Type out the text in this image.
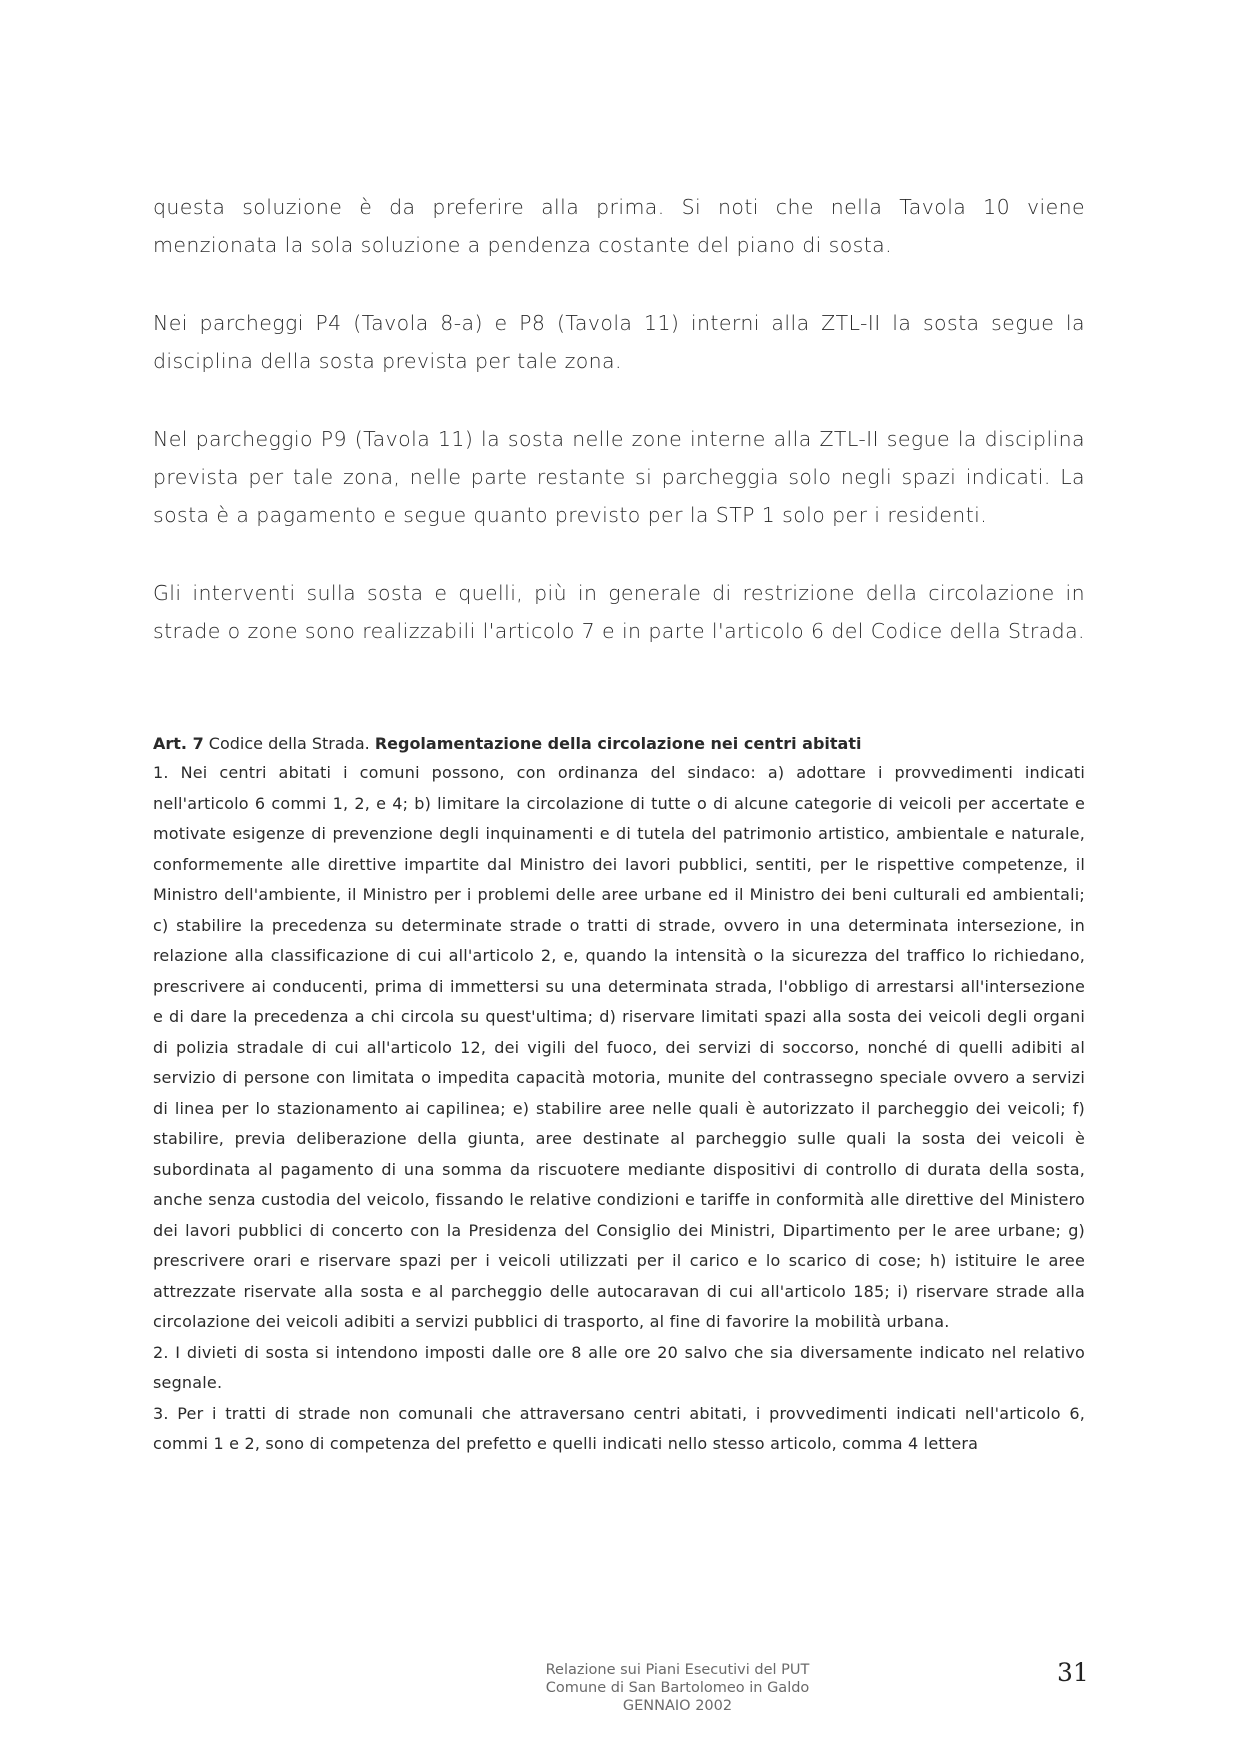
questa soluzione è da preferire alla prima. Si noti che nella Tavola 10 viene menzionata la sola soluzione a pendenza costante del piano di sosta.

Nei parcheggi P4 (Tavola 8-a) e P8 (Tavola 11) interni alla ZTL-II la sosta segue la disciplina della sosta prevista per tale zona.

Nel parcheggio P9 (Tavola 11) la sosta nelle zone interne alla ZTL-II segue la disciplina prevista per tale zona, nelle parte restante si parcheggia solo negli spazi indicati. La sosta è a pagamento e segue quanto previsto per la STP 1 solo per i residenti.

Gli interventi sulla sosta e quelli, più in generale di restrizione della circolazione in strade o zone sono realizzabili l'articolo 7 e in parte l'articolo 6 del Codice della Strada.

Art. 7 Codice della Strada. Regolamentazione della circolazione nei centri abitati

1. Nei centri abitati i comuni possono, con ordinanza del sindaco: a) adottare i provvedimenti indicati nell'articolo 6 commi 1, 2, e 4; b) limitare la circolazione di tutte o di alcune categorie di veicoli per accertate e motivate esigenze di prevenzione degli inquinamenti e di tutela del patrimonio artistico, ambientale e naturale, conformemente alle direttive impartite dal Ministro dei lavori pubblici, sentiti, per le rispettive competenze, il Ministro dell'ambiente, il Ministro per i problemi delle aree urbane ed il Ministro dei beni culturali ed ambientali; c) stabilire la precedenza su determinate strade o tratti di strade, ovvero in una determinata intersezione, in relazione alla classificazione di cui all'articolo 2, e, quando la intensità o la sicurezza del traffico lo richiedano, prescrivere ai conducenti, prima di immettersi su una determinata strada, l'obbligo di arrestarsi all'intersezione e di dare la precedenza a chi circola su quest'ultima; d) riservare limitati spazi alla sosta dei veicoli degli organi di polizia stradale di cui all'articolo 12, dei vigili del fuoco, dei servizi di soccorso, nonché di quelli adibiti al servizio di persone con limitata o impedita capacità motoria, munite del contrassegno speciale ovvero a servizi di linea per lo stazionamento ai capilinea; e) stabilire aree nelle quali è autorizzato il parcheggio dei veicoli; f) stabilire, previa deliberazione della giunta, aree destinate al parcheggio sulle quali la sosta dei veicoli è subordinata al pagamento di una somma da riscuotere mediante dispositivi di controllo di durata della sosta, anche senza custodia del veicolo, fissando le relative condizioni e tariffe in conformità alle direttive del Ministero dei lavori pubblici di concerto con la Presidenza del Consiglio dei Ministri, Dipartimento per le aree urbane; g) prescrivere orari e riservare spazi per i veicoli utilizzati per il carico e lo scarico di cose; h) istituire le aree attrezzate riservate alla sosta e al parcheggio delle autocaravan di cui all'articolo 185; i) riservare strade alla circolazione dei veicoli adibiti a servizi pubblici di trasporto, al fine di favorire la mobilità urbana.

2. I divieti di sosta si intendono imposti dalle ore 8 alle ore 20 salvo che sia diversamente indicato nel relativo segnale.

3. Per i tratti di strade non comunali che attraversano centri abitati, i provvedimenti indicati nell'articolo 6, commi 1 e 2, sono di competenza del prefetto e quelli indicati nello stesso articolo, comma 4 lettera

Relazione sui Piani Esecutivi del PUT
Comune di San Bartolomeo in Galdo
GENNAIO 2002
31
